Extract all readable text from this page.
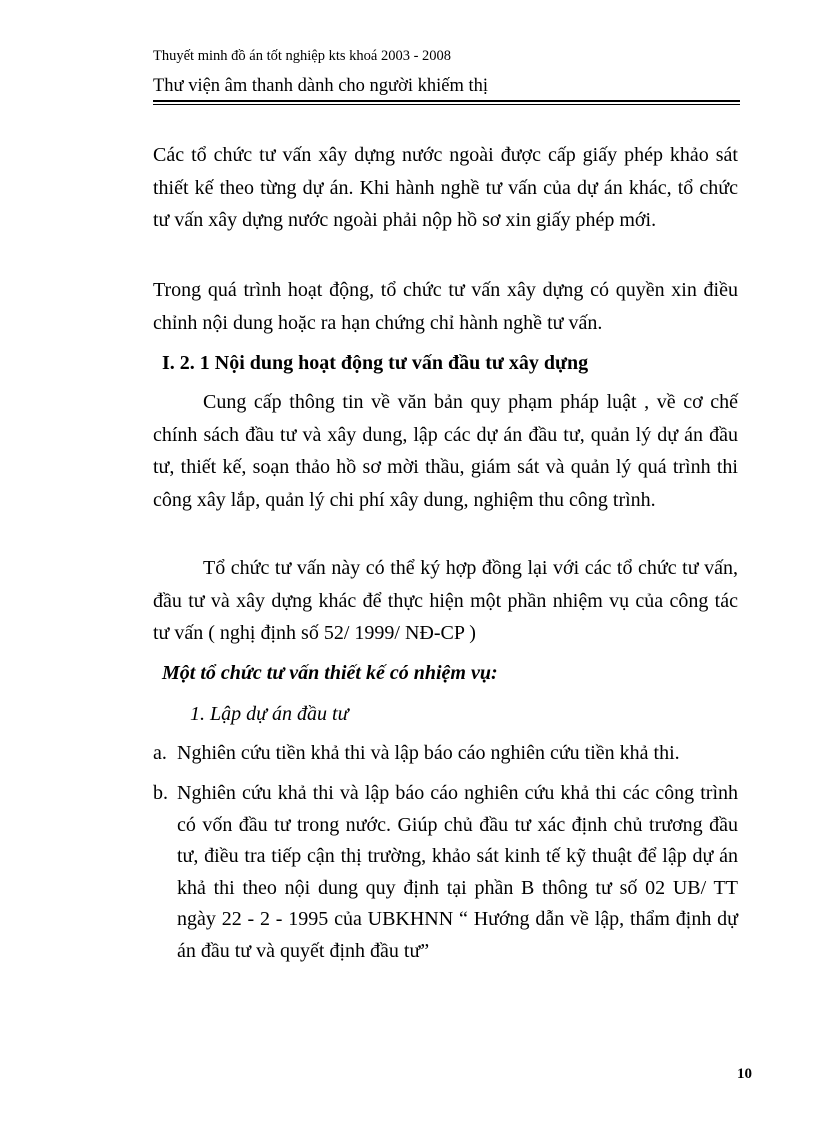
Thuyết minh đồ án tốt nghiệp kts khoá 2003 - 2008
Thư viện âm thanh dành cho người khiếm thị
Các tổ chức tư vấn xây dựng nước ngoài được cấp giấy phép khảo sát thiết kế theo từng dự án. Khi hành nghề tư vấn của dự án khác, tổ chức tư vấn xây dựng nước ngoài phải nộp hồ sơ xin giấy phép mới.
Trong quá trình hoạt động, tổ chức tư vấn xây dựng có quyền xin điều chỉnh nội dung hoặc ra hạn chứng chỉ hành nghề tư vấn.
I. 2. 1 Nội dung hoạt động tư vấn đầu tư xây dựng
Cung cấp thông tin về văn bản quy phạm pháp luật , về cơ chế chính sách đầu tư và xây dung, lập các dự án đầu tư, quản lý dự án đầu tư, thiết kế, soạn thảo hồ sơ mời thầu, giám sát và quản lý quá trình thi công xây lắp, quản lý chi phí xây dung, nghiệm thu công trình.
Tổ chức tư vấn này có thể ký hợp đồng lại với các tổ chức tư vấn, đầu tư và xây dựng khác để thực hiện một phần nhiệm vụ của công tác tư vấn ( nghị định số 52/ 1999/ NĐ-CP )
Một tổ chức tư vấn thiết kế có nhiệm vụ:
1. Lập dự án đầu tư
a. Nghiên cứu tiền khả thi và lập báo cáo nghiên cứu tiền khả thi.
b. Nghiên cứu khả thi và lập báo cáo nghiên cứu khả thi các công trình có vốn đầu tư trong nước. Giúp chủ đầu tư xác định chủ trương đầu tư, điều tra tiếp cận thị trường, khảo sát kinh tế kỹ thuật để lập dự án khả thi theo nội dung quy định tại phần B thông tư số 02 UB/ TT ngày 22 - 2 - 1995 của UBKHNN “ Hướng dẫn về lập, thẩm định dự án đầu tư và quyết định đầu tư”
10
